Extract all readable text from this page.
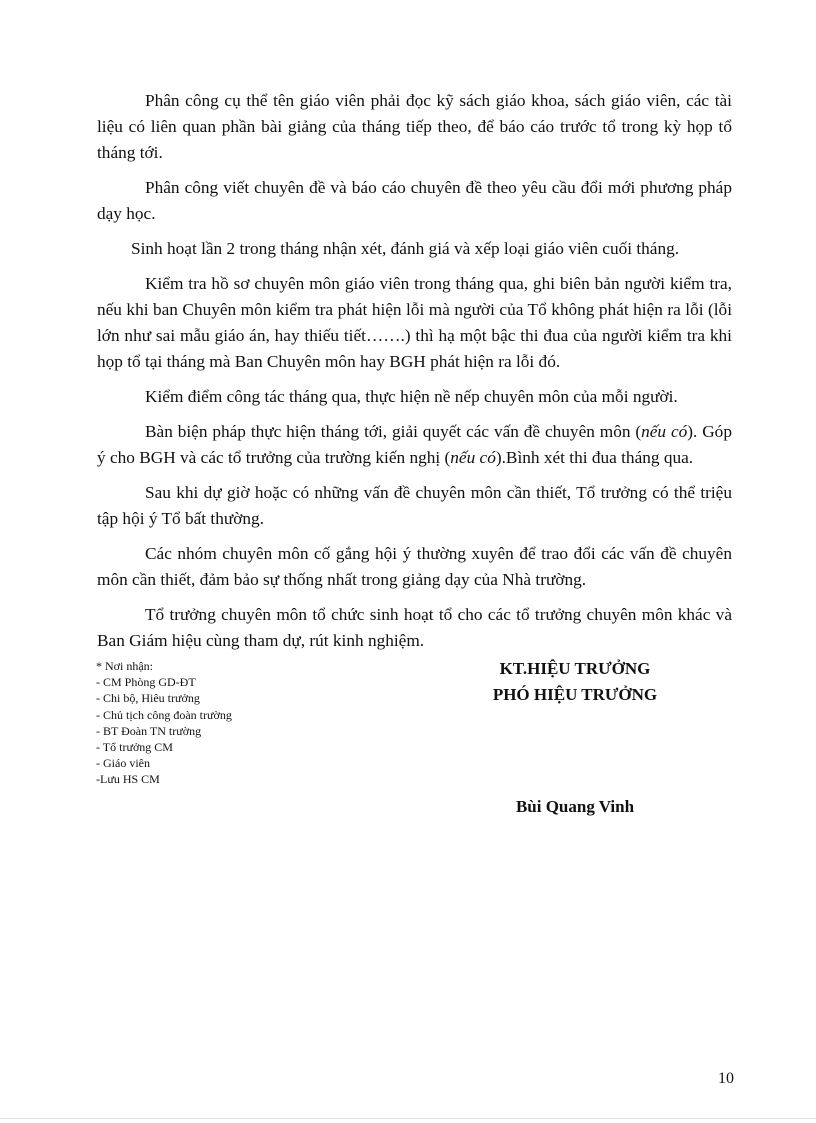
Phân công cụ thể tên giáo viên phải đọc kỹ sách giáo khoa, sách giáo viên, các tài liệu có liên quan phần bài giảng của tháng tiếp theo, để báo cáo trước tổ trong kỳ họp tổ tháng tới.

Phân công viết chuyên đề và báo cáo chuyên đề theo yêu cầu đổi mới phương pháp dạy học.

Sinh hoạt lần 2 trong tháng nhận xét, đánh giá và xếp loại giáo viên cuối tháng.

Kiểm tra hồ sơ chuyên môn giáo viên trong tháng qua, ghi biên bản người kiểm tra, nếu khi ban Chuyên môn kiểm tra phát hiện lỗi mà người của Tổ không phát hiện ra lỗi (lỗi lớn như sai mẫu giáo án, hay thiếu tiết…….) thì hạ một bậc thi đua của người kiểm tra khi họp tổ tại tháng mà Ban Chuyên môn hay BGH phát hiện ra lỗi đó.

Kiểm điểm công tác tháng qua, thực hiện nề nếp chuyên môn của mỗi người.

Bàn biện pháp thực hiện tháng tới, giải quyết các vấn đề chuyên môn (nếu có). Góp ý cho BGH và các tổ trưởng của trường kiến nghị (nếu có).Bình xét thi đua tháng qua.

Sau khi dự giờ hoặc có những vấn đề chuyên môn cần thiết, Tổ trưởng có thể triệu tập hội ý Tổ bất thường.

Các nhóm chuyên môn cố gắng hội ý thường xuyên để trao đổi các vấn đề chuyên môn cần thiết, đảm bảo sự thống nhất trong giảng dạy của Nhà trường.

Tổ trưởng chuyên môn tổ chức sinh hoạt tổ cho các tổ trưởng chuyên môn khác và Ban Giám hiệu cùng tham dự, rút kinh nghiệm.

* Nơi nhận:
- CM Phòng GD-ĐT
- Chi bộ, Hiêu trưởng
- Chủ tịch công đoàn trường
- BT Đoàn TN trường
- Tổ trưởng CM
- Giáo viên
-Lưu HS CM
KT.HIỆU TRƯỞNG
PHÓ HIỆU TRƯỞNG
Bùi Quang Vinh
10
